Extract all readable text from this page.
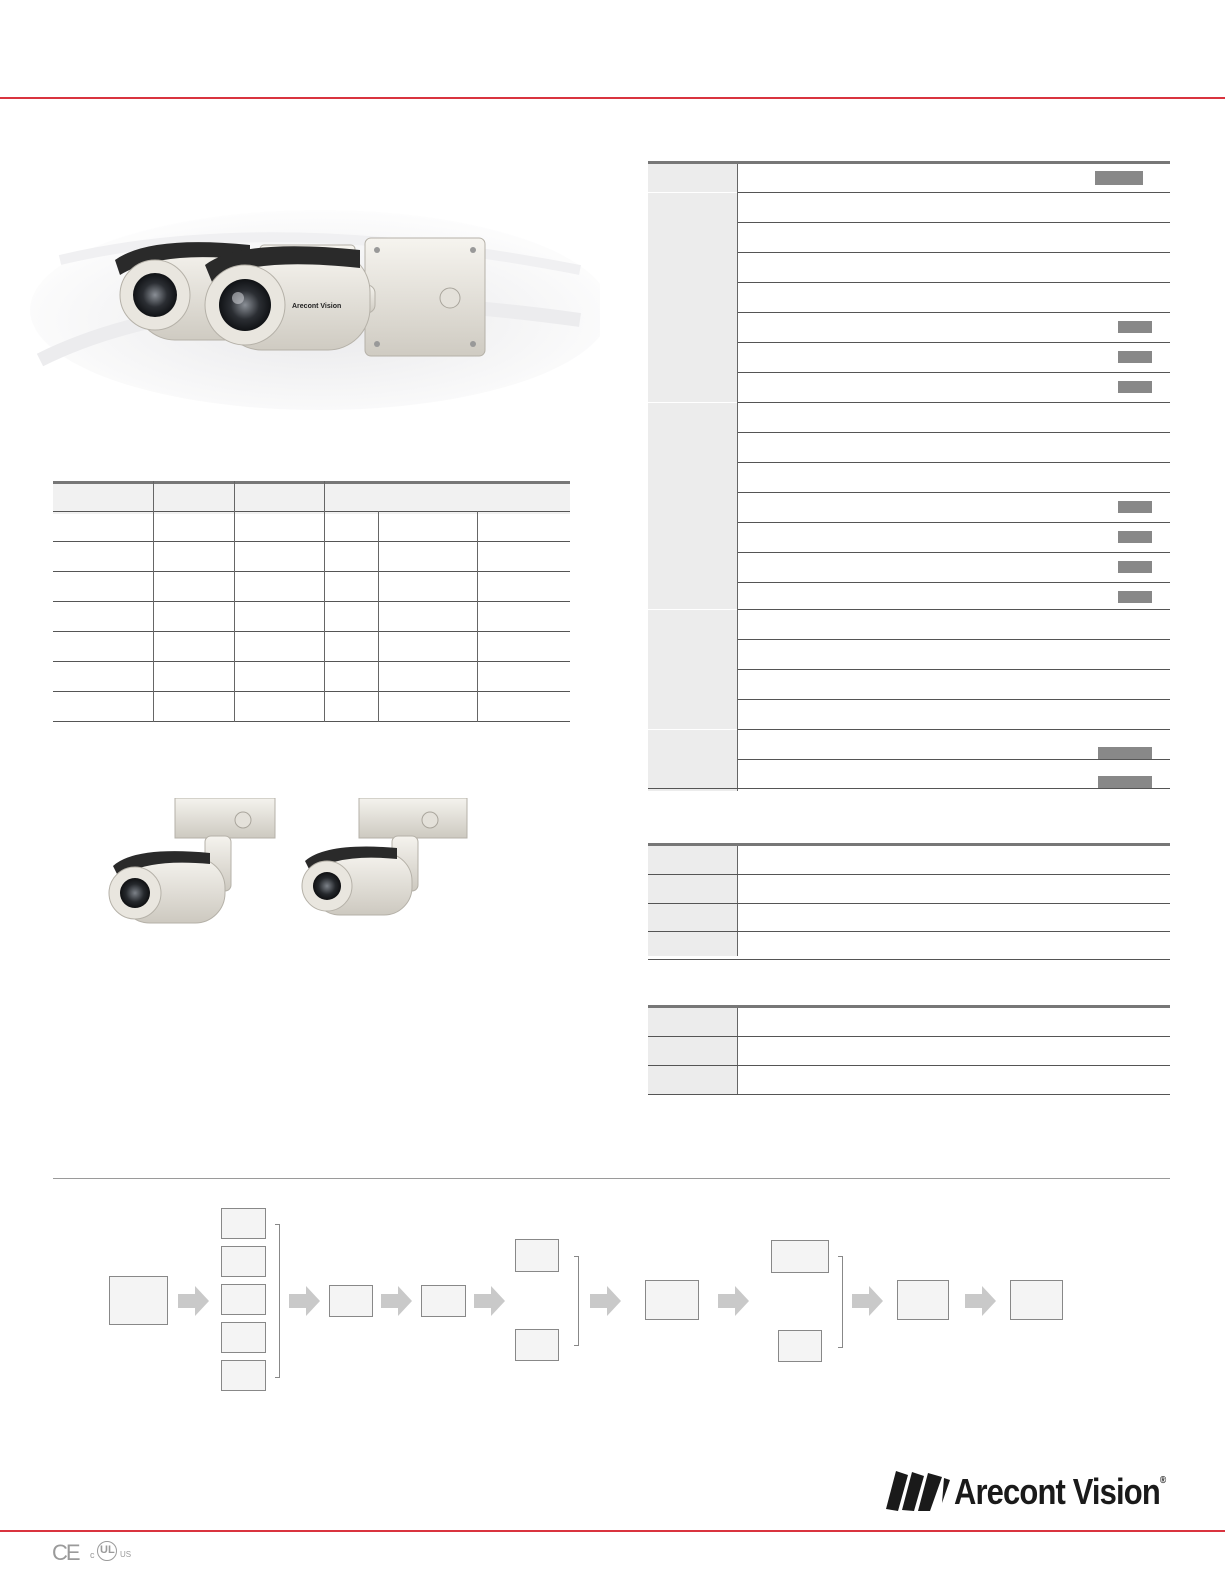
Arecont Vision
Arecont Vision®
CE c UL US
